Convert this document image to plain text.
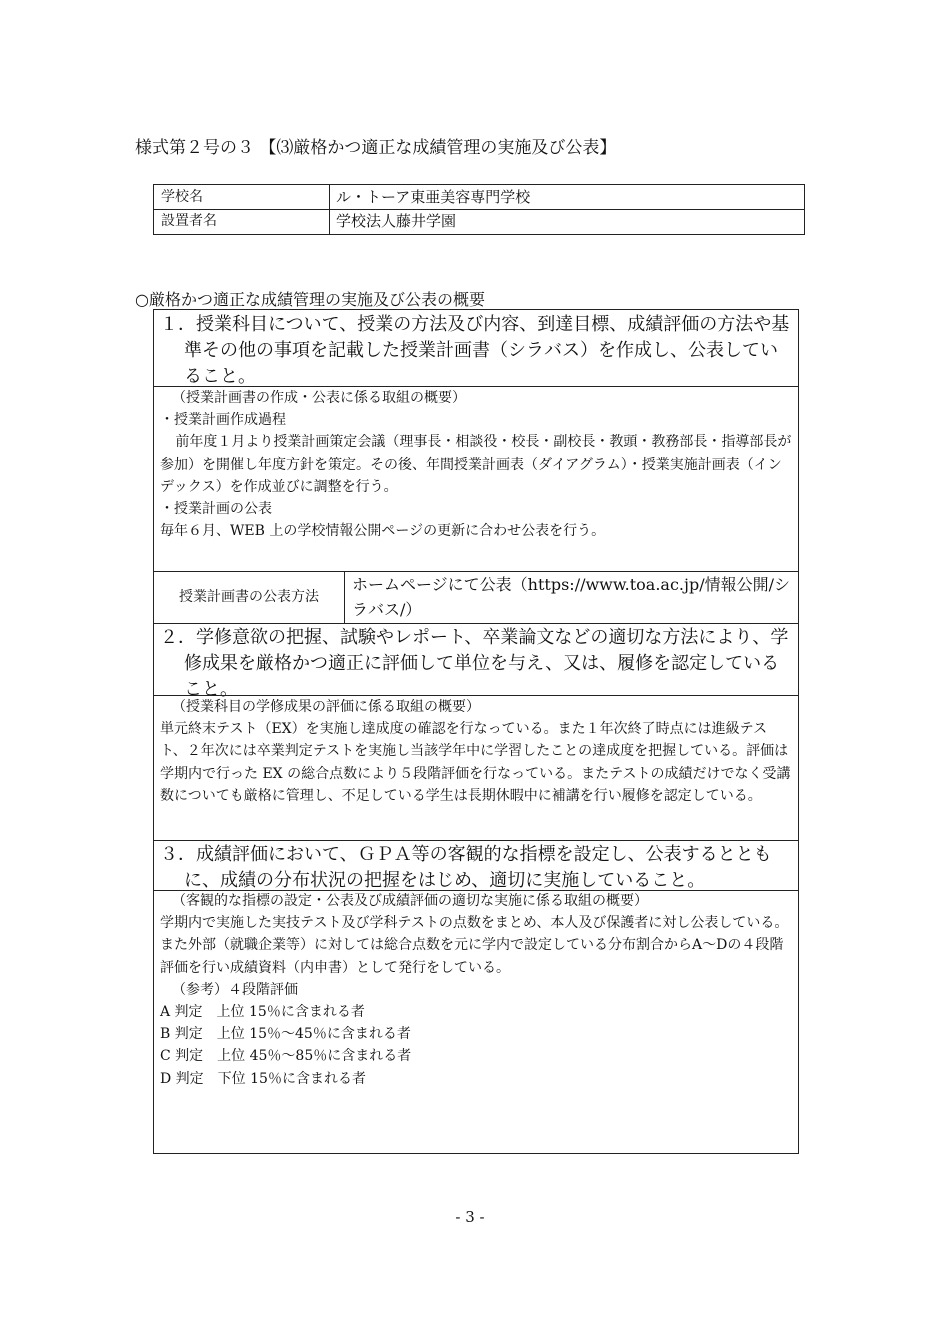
様式第２号の３ 【⑶厳格かつ適正な成績管理の実施及び公表】
学校名	ル・トーア東亜美容専門学校
設置者名	学校法人藤井学園
○厳格かつ適正な成績管理の実施及び公表の概要
１．授業科目について、授業の方法及び内容、到達目標、成績評価の方法や基準その他の事項を記載した授業計画書（シラバス）を作成し、公表していること。

（授業計画書の作成・公表に係る取組の概要）

・授業計画作成過程

前年度１月より授業計画策定会議（理事長・相談役・校長・副校長・教頭・教務部長・指導部長が参加）を開催し年度方針を策定。その後、年間授業計画表（ダイアグラム）・授業実施計画表（インデックス）を作成並びに調整を行う。

・授業計画の公表

毎年６月、WEB 上の学校情報公開ページの更新に合わせ公表を行う。

授業計画書の公表方法
ホームページにて公表（https://www.toa.ac.jp/情報公開/シラバス/）
２．学修意欲の把握、試験やレポート、卒業論文などの適切な方法により、学修成果を厳格かつ適正に評価して単位を与え、又は、履修を認定していること。

（授業科目の学修成果の評価に係る取組の概要）

単元終末テスト（EX）を実施し達成度の確認を行なっている。また１年次終了時点には進級テスト、２年次には卒業判定テストを実施し当該学年中に学習したことの達成度を把握している。評価は学期内で行った EX の総合点数により５段階評価を行なっている。またテストの成績だけでなく受講数についても厳格に管理し、不足している学生は長期休暇中に補講を行い履修を認定している。

３．成績評価において、ＧＰＡ等の客観的な指標を設定し、公表するとともに、成績の分布状況の把握をはじめ、適切に実施していること。

（客観的な指標の設定・公表及び成績評価の適切な実施に係る取組の概要）

学期内で実施した実技テスト及び学科テストの点数をまとめ、本人及び保護者に対し公表している。また外部（就職企業等）に対しては総合点数を元に学内で設定している分布割合からA～Dの４段階評価を行い成績資料（内申書）として発行をしている。

（参考）４段階評価

A 判定　上位 15％に含まれる者

B 判定　上位 15％～45％に含まれる者

C 判定　上位 45％～85％に含まれる者

D 判定　下位 15％に含まれる者

- 3 -
